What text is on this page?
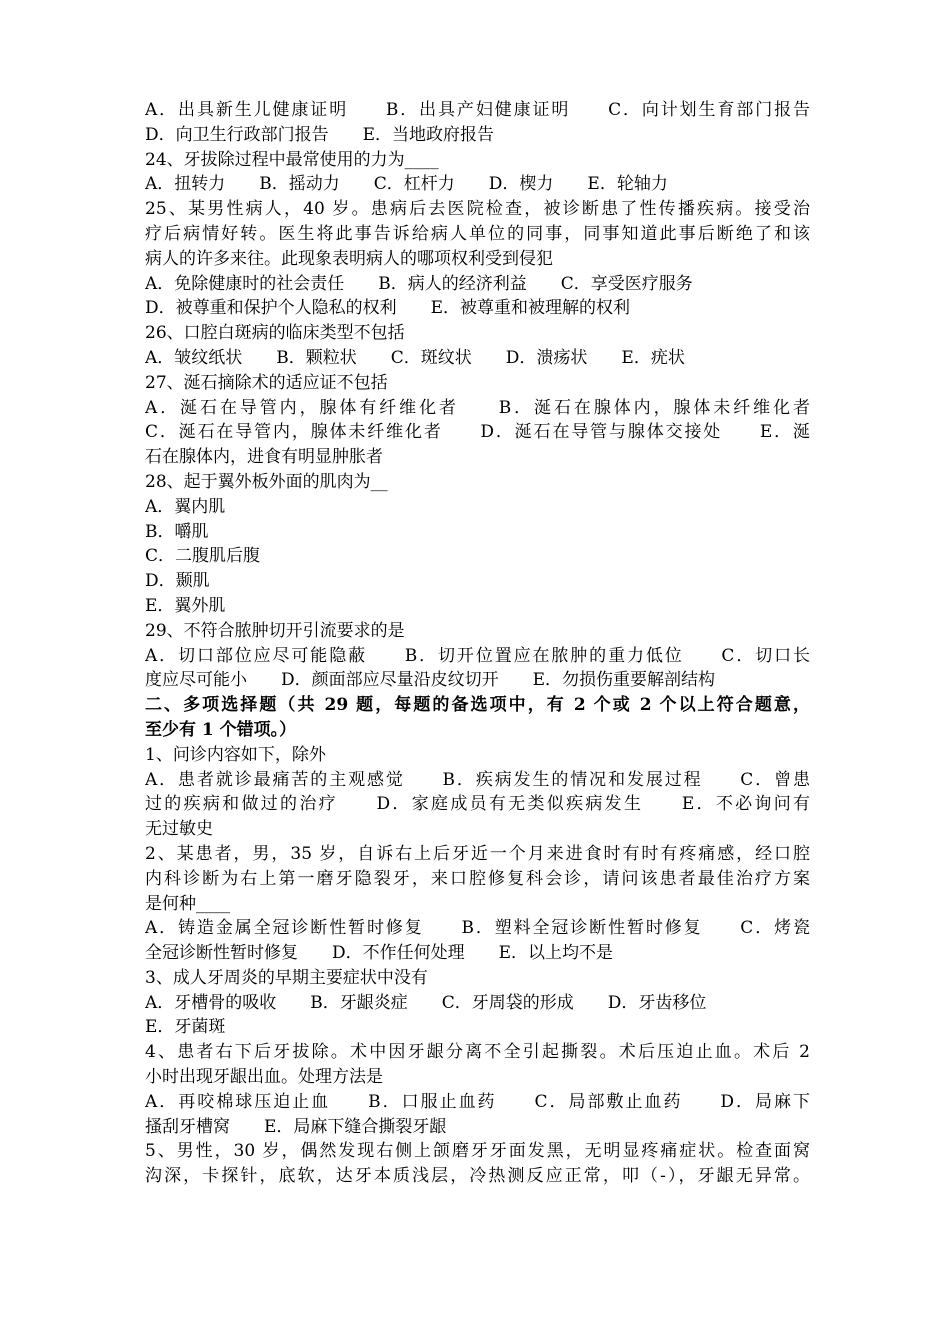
A．出具新生儿健康证明　　B．出具产妇健康证明　　C．向计划生育部门报告
D．向卫生行政部门报告　　E．当地政府报告
24、牙拔除过程中最常使用的力为____
A．扭转力　　B．摇动力　　C．杠杆力　　D．楔力　　E．轮轴力
25、某男性病人，40 岁。患病后去医院检查，被诊断患了性传播疾病。接受治
疗后病情好转。医生将此事告诉给病人单位的同事，同事知道此事后断绝了和该
病人的许多来往。此现象表明病人的哪项权利受到侵犯
A．免除健康时的社会责任　　B．病人的经济利益　　C．享受医疗服务
D．被尊重和保护个人隐私的权利　　E．被尊重和被理解的权利
26、口腔白斑病的临床类型不包括
A．皱纹纸状　　B．颗粒状　　C．斑纹状　　D．溃疡状　　E．疣状
27、涎石摘除术的适应证不包括
A．涎石在导管内，腺体有纤维化者　　B．涎石在腺体内，腺体未纤维化者
C．涎石在导管内，腺体未纤维化者　　D．涎石在导管与腺体交接处　　E．涎
石在腺体内，进食有明显肿胀者
28、起于翼外板外面的肌肉为__
A．翼内肌
B．嚼肌
C．二腹肌后腹
D．颞肌
E．翼外肌
29、不符合脓肿切开引流要求的是
A．切口部位应尽可能隐蔽　　B．切开位置应在脓肿的重力低位　　C．切口长
度应尽可能小　　D．颜面部应尽量沿皮纹切开　　E．勿损伤重要解剖结构
二、多项选择题（共 29 题，每题的备选项中，有 2 个或 2 个以上符合题意，
至少有 1 个错项。）
1、问诊内容如下，除外
A．患者就诊最痛苦的主观感觉　　B．疾病发生的情况和发展过程　　C．曾患
过的疾病和做过的治疗　　D．家庭成员有无类似疾病发生　　E．不必询问有
无过敏史
2、某患者，男，35 岁，自诉右上后牙近一个月来进食时有时有疼痛感，经口腔
内科诊断为右上第一磨牙隐裂牙，来口腔修复科会诊，请问该患者最佳治疗方案
是何种____
A．铸造金属全冠诊断性暂时修复　　B．塑料全冠诊断性暂时修复　　C．烤瓷
全冠诊断性暂时修复　　D．不作任何处理　　E．以上均不是
3、成人牙周炎的早期主要症状中没有
A．牙槽骨的吸收　　B．牙龈炎症　　C．牙周袋的形成　　D．牙齿移位
E．牙菌斑
4、患者右下后牙拔除。术中因牙龈分离不全引起撕裂。术后压迫止血。术后 2
小时出现牙龈出血。处理方法是
A．再咬棉球压迫止血　　B．口服止血药　　C．局部敷止血药　　D．局麻下
搔刮牙槽窝　　E．局麻下缝合撕裂牙龈
5、男性，30 岁，偶然发现右侧上颌磨牙牙面发黑，无明显疼痛症状。检查面窝
沟深，卡探针，底软，达牙本质浅层，冷热测反应正常，叩（-），牙龈无异常。
